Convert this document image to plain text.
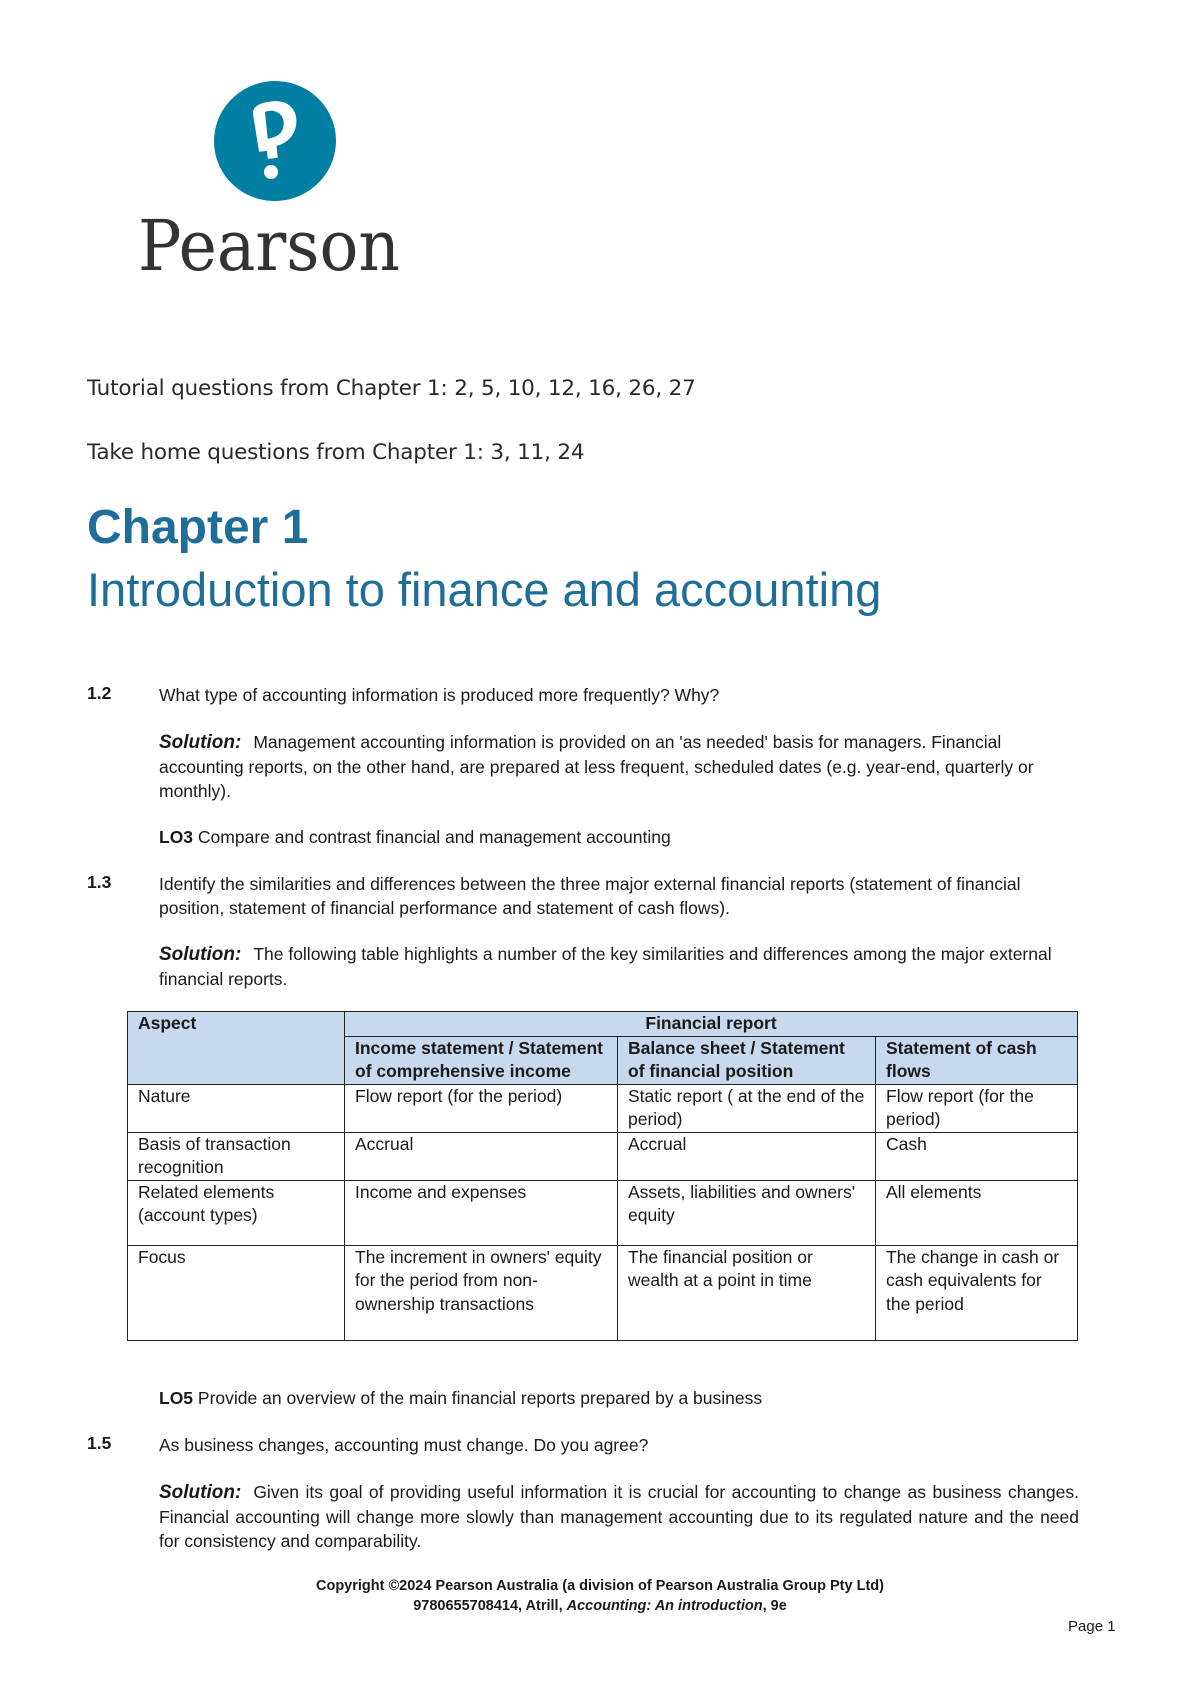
Pearson
Tutorial questions from Chapter 1: 2, 5, 10, 12, 16, 26, 27
Take home questions from Chapter 1: 3, 11, 24
Chapter 1
Introduction to finance and accounting
1.2	What type of accounting information is produced more frequently? Why?
Solution: Management accounting information is provided on an 'as needed' basis for managers. Financial accounting reports, on the other hand, are prepared at less frequent, scheduled dates (e.g. year-end, quarterly or monthly).
LO3 Compare and contrast financial and management accounting
1.3	Identify the similarities and differences between the three major external financial reports (statement of financial position, statement of financial performance and statement of cash flows).
Solution: The following table highlights a number of the key similarities and differences among the major external financial reports.
Aspect	Financial report		
	Income statement / Statement of comprehensive income	Balance sheet / Statement of financial position	Statement of cash flows
Nature	Flow report (for the period)	Static report ( at the end of the period)	Flow report (for the period)
Basis of transaction recognition	Accrual	Accrual	Cash
Related elements (account types)	Income and expenses	Assets, liabilities and owners' equity	All elements
Focus	The increment in owners' equity for the period from non-ownership transactions	The financial position or wealth at a point in time	The change in cash or cash equivalents for the period
LO5 Provide an overview of the main financial reports prepared by a business
1.5	As business changes, accounting must change. Do you agree?
Solution: Given its goal of providing useful information it is crucial for accounting to change as business changes. Financial accounting will change more slowly than management accounting due to its regulated nature and the need for consistency and comparability.
Copyright ©2024 Pearson Australia (a division of Pearson Australia Group Pty Ltd)
9780655708414, Atrill, Accounting: An introduction, 9e
Page 1
